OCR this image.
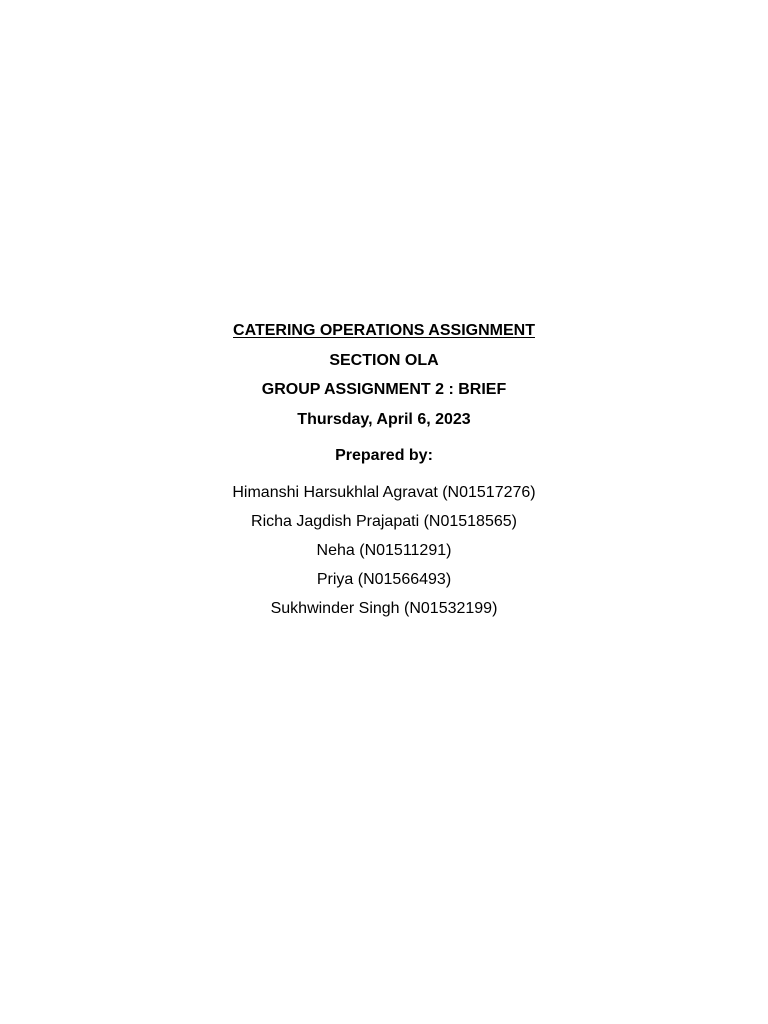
CATERING OPERATIONS ASSIGNMENT
SECTION OLA
GROUP ASSIGNMENT 2 : BRIEF
Thursday, April 6, 2023
Prepared by:
Himanshi Harsukhlal Agravat (N01517276)
Richa Jagdish Prajapati (N01518565)
Neha (N01511291)
Priya (N01566493)
Sukhwinder Singh (N01532199)
